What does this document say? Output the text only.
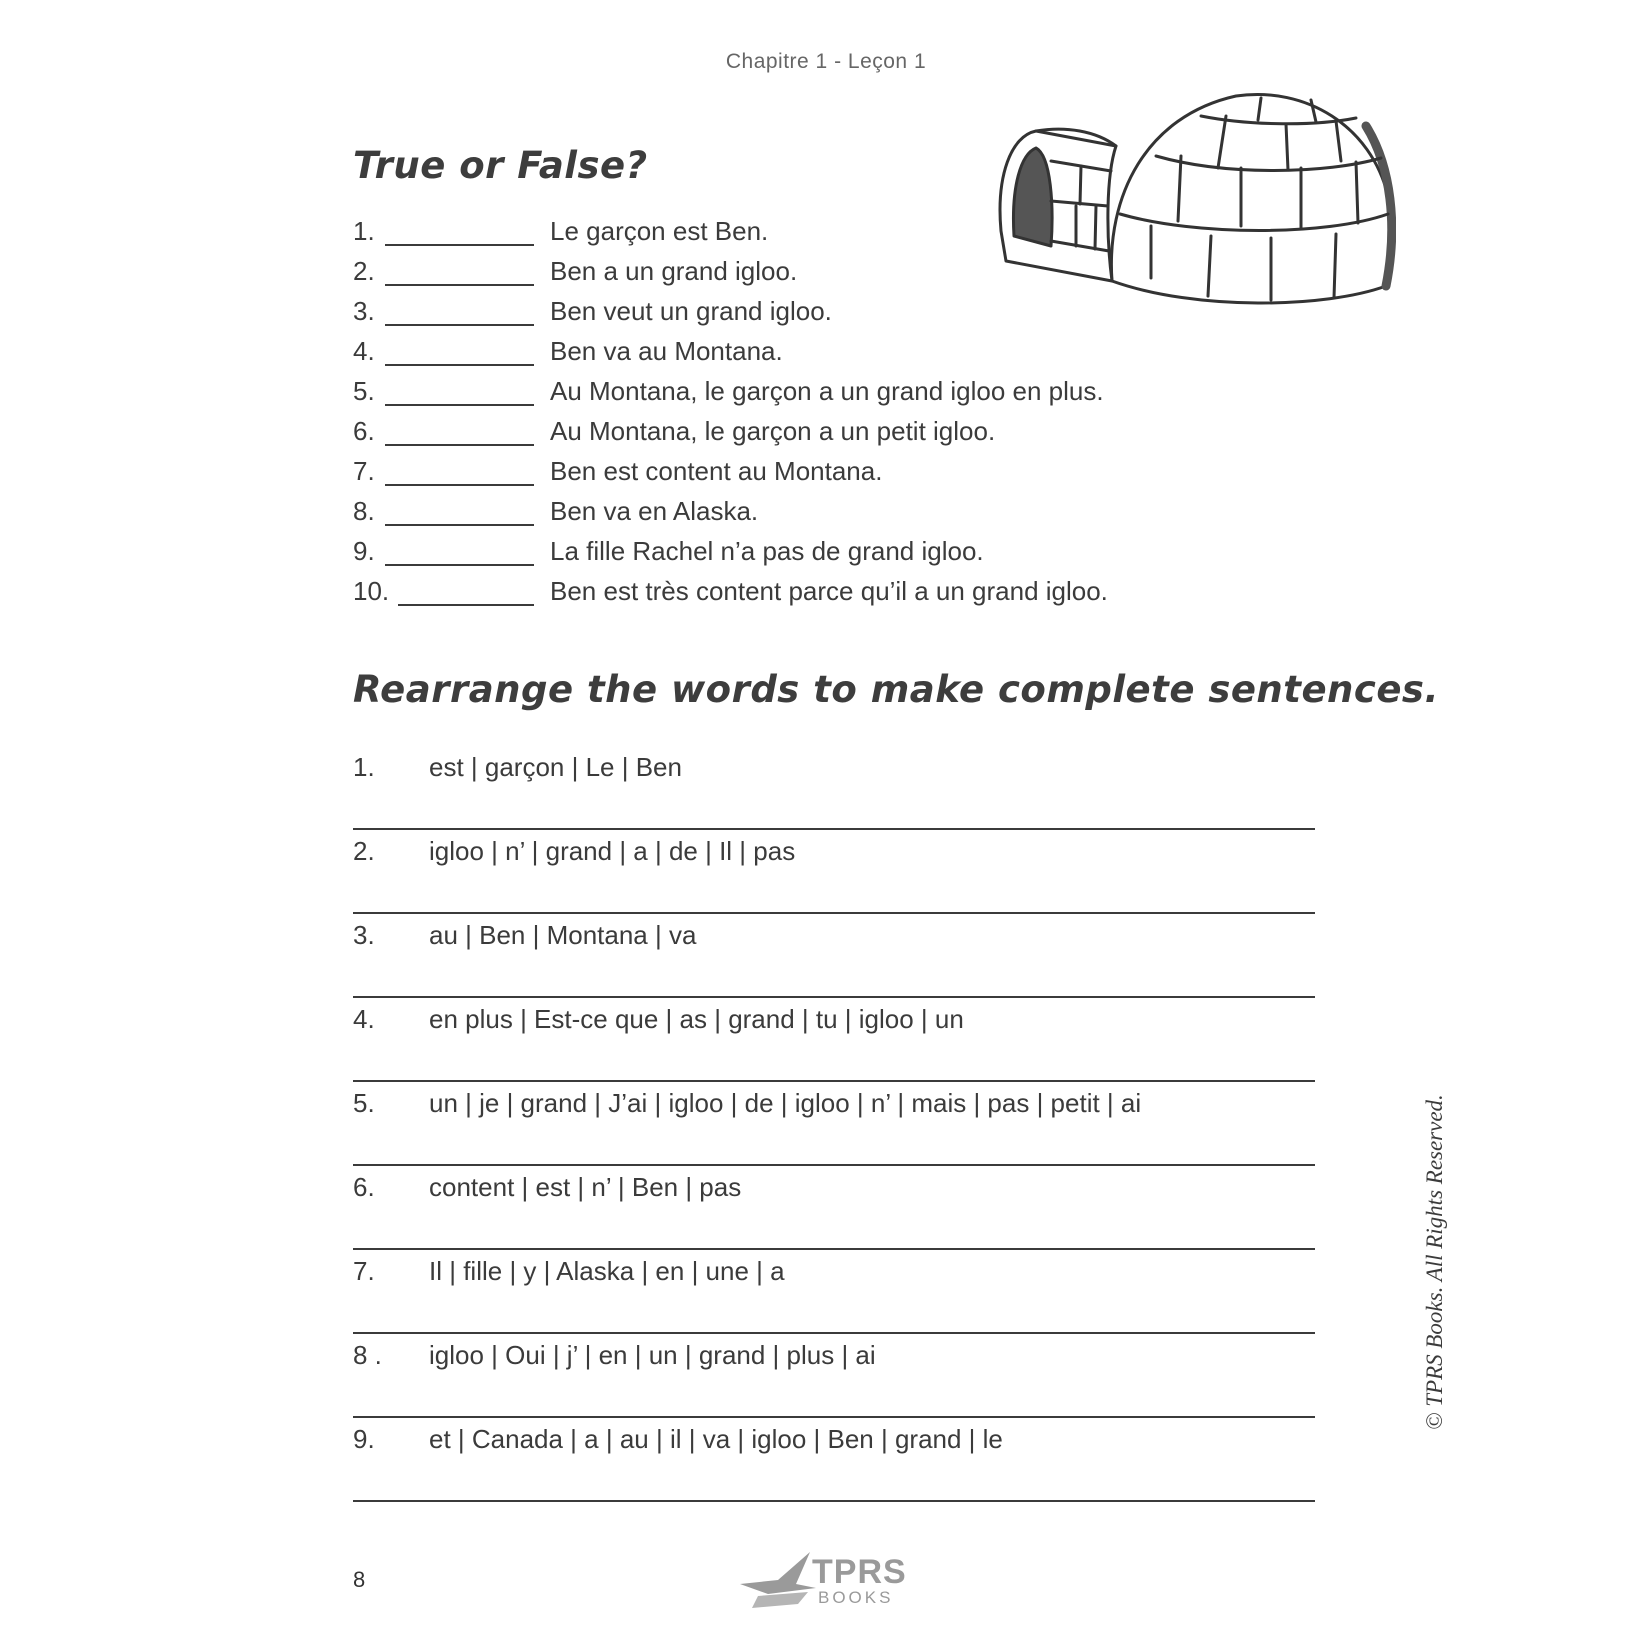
Chapitre 1 - Leçon 1
True or False?
1.	Le garçon est Ben.
2.	Ben a un grand igloo.
3.	Ben veut un grand igloo.
4.	Ben va au Montana.
5.	Au Montana, le garçon a un grand igloo en plus.
6.	Au Montana, le garçon a un petit igloo.
7.	Ben est content au Montana.
8.	Ben va en Alaska.
9.	La fille Rachel n’a pas de grand igloo.
10.	Ben est très content parce qu’il a un grand igloo.
Rearrange the words to make complete sentences.
1. est | garçon | Le | Ben
2. igloo | n’ | grand | a | de | Il | pas
3. au | Ben | Montana | va
4. en plus | Est-ce que | as | grand | tu | igloo | un
5. un | je | grand | J’ai | igloo | de | igloo | n’ | mais | pas | petit | ai
6. content | est | n’ | Ben | pas
7. Il | fille | y | Alaska | en | une | a
8 . igloo | Oui | j’ | en | un | grand | plus | ai
9. et | Canada | a | au | il | va | igloo | Ben | grand | le
© TPRS Books. All Rights Reserved.
8	TPRS
BOOKS
